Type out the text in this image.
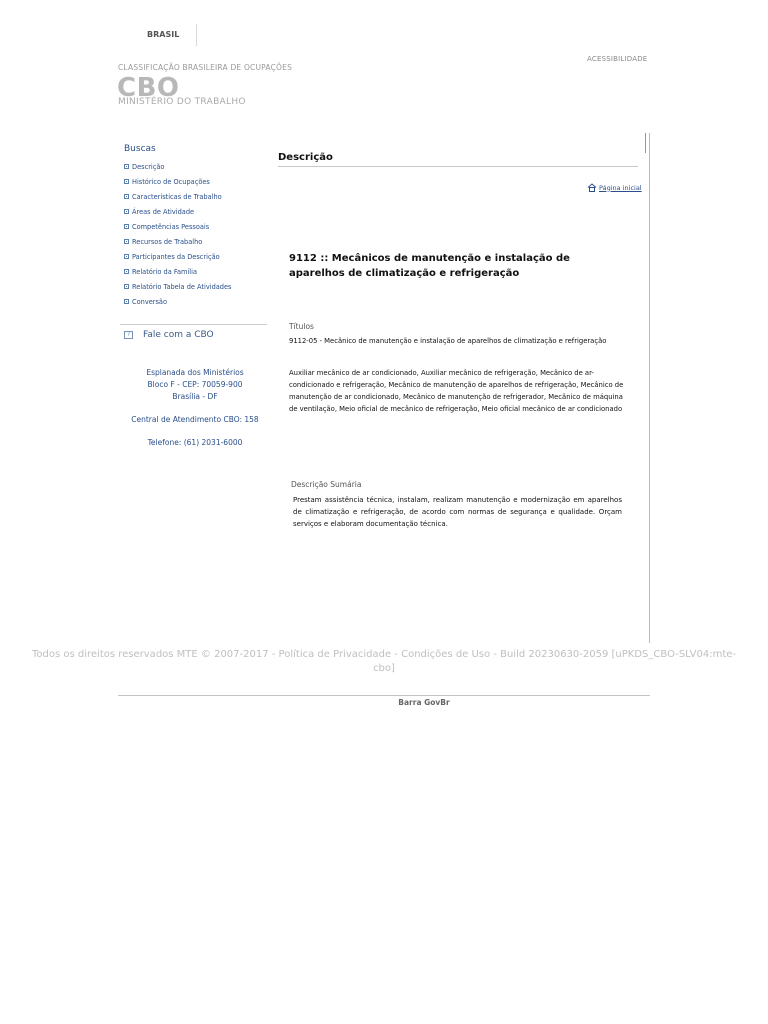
BRASIL
ACESSIBILIDADE
CLASSIFICAÇÃO BRASILEIRA DE OCUPAÇÕES
CBO
MINISTÉRIO DO TRABALHO
Buscas
Descrição
Histórico de Ocupações
Características de Trabalho
Áreas de Atividade
Competências Pessoais
Recursos de Trabalho
Participantes da Descrição
Relatório da Família
Relatório Tabela de Atividades
Conversão
?	Fale com a CBO
Esplanada dos Ministérios
Bloco F - CEP: 70059-900
Brasília - DF
Central de Atendimento CBO: 158
Telefone: (61) 2031-6000
Descrição
Página inicial
9112 :: Mecânicos de manutenção e instalação de aparelhos de climatização e refrigeração
Títulos
9112-05 - Mecânico de manutenção e instalação de aparelhos de climatização e refrigeração
Auxiliar mecânico de ar condicionado, Auxiliar mecânico de refrigeração, Mecânico de ar-condicionado e refrigeração, Mecânico de manutenção de aparelhos de refrigeração, Mecânico de manutenção de ar condicionado, Mecânico de manutenção de refrigerador, Mecânico de máquina de ventilação, Meio oficial de mecânico de refrigeração, Meio oficial mecânico de ar condicionado
Descrição Sumária
Prestam assistência técnica, instalam, realizam manutenção e modernização em aparelhos de climatização e refrigeração, de acordo com normas de segurança e qualidade. Orçam serviços e elaboram documentação técnica.
Todos os direitos reservados MTE © 2007-2017 - Política de Privacidade - Condições de Uso - Build 20230630-2059 [uPKDS_CBO-SLV04:mte-cbo]
Barra GovBr
